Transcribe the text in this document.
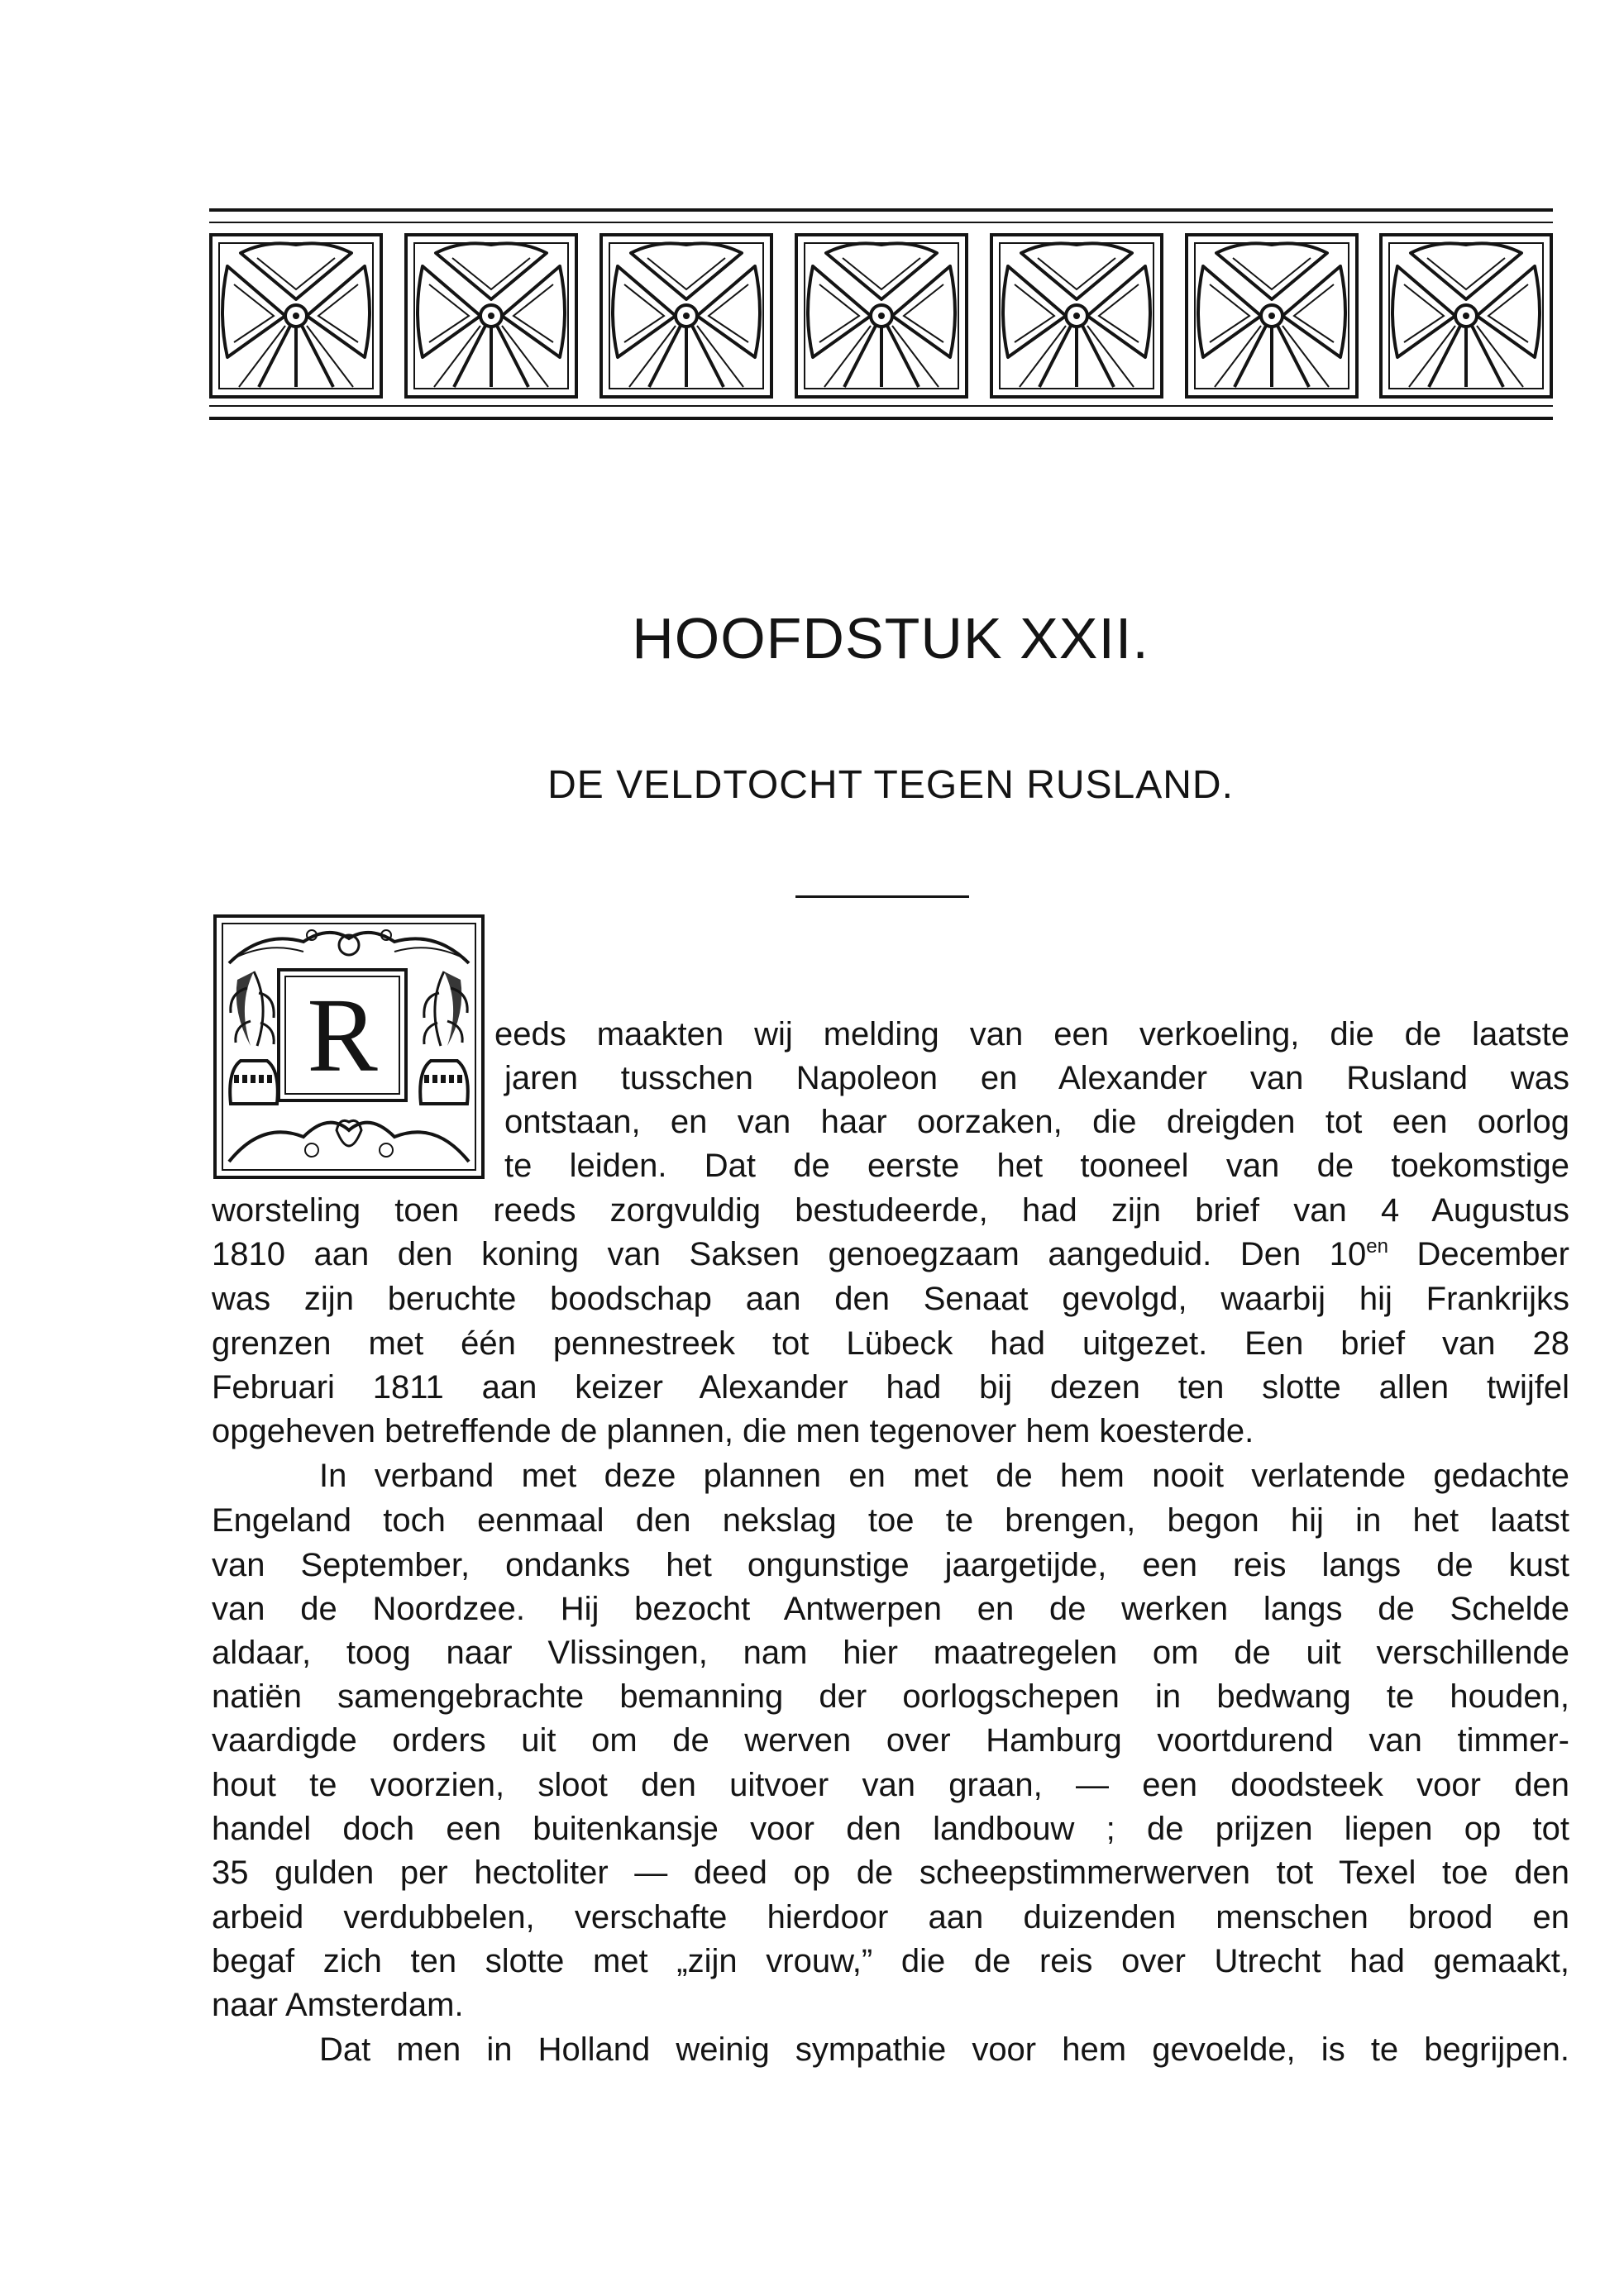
HOOFDSTUK XXII.
DE VELDTOCHT TEGEN RUSLAND.
R	eeds maakten wij melding van een verkoeling, die de laatste

jaren tusschen Napoleon en Alexander van Rusland was

ontstaan, en van haar oorzaken, die dreigden tot een oorlog

te leiden. Dat de eerste het tooneel van de toekomstige

worsteling toen reeds zorgvuldig bestudeerde, had zijn brief van 4 Augustus

1810 aan den koning van Saksen genoegzaam aangeduid. Den $10^{en}$ December

was zijn beruchte boodschap aan den Senaat gevolgd, waarbij hij Frankrijks

grenzen met één pennestreek tot Lübeck had uitgezet. Een brief van 28

Februari 1811 aan keizer Alexander had bij dezen ten slotte allen twijfel

opgeheven betreffende de plannen, die men tegenover hem koesterde.

In verband met deze plannen en met de hem nooit verlatende gedachte

Engeland toch eenmaal den nekslag toe te brengen, begon hij in het laatst

van September, ondanks het ongunstige jaargetijde, een reis langs de kust

van de Noordzee. Hij bezocht Antwerpen en de werken langs de Schelde

aldaar, toog naar Vlissingen, nam hier maatregelen om de uit verschillende

natiën samengebrachte bemanning der oorlogschepen in bedwang te houden,

vaardigde orders uit om de werven over Hamburg voortdurend van timmer-

hout te voorzien, sloot den uitvoer van graan, — een doodsteek voor den

handel doch een buitenkansje voor den landbouw ; de prijzen liepen op tot

35 gulden per hectoliter — deed op de scheepstimmerwerven tot Texel toe den

arbeid verdubbelen, verschafte hierdoor aan duizenden menschen brood en

begaf zich ten slotte met „zijn vrouw,” die de reis over Utrecht had gemaakt,

naar Amsterdam.

Dat men in Holland weinig sympathie voor hem gevoelde, is te begrijpen.
